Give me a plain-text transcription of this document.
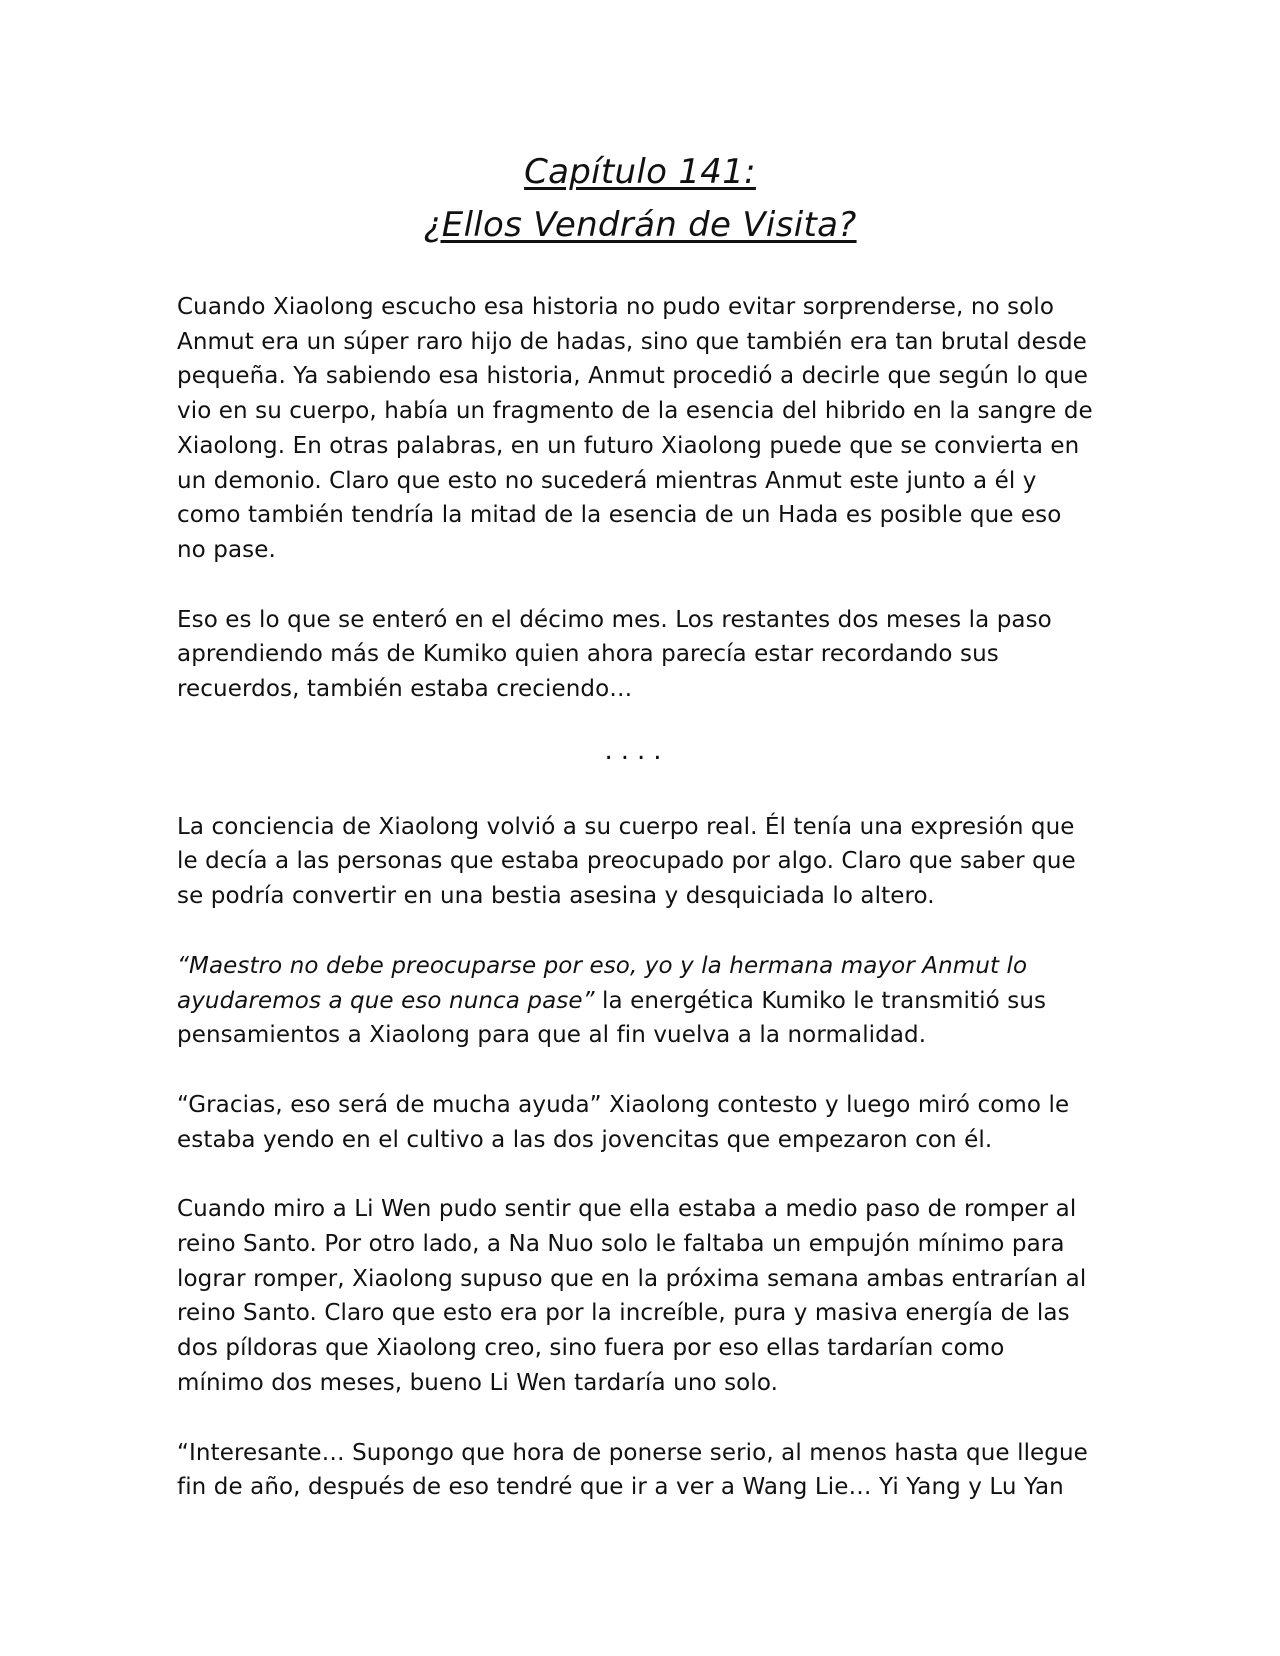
Capítulo 141:
¿Ellos Vendrán de Visita?

Cuando Xiaolong escucho esa historia no pudo evitar sorprenderse, no solo Anmut era un súper raro hijo de hadas, sino que también era tan brutal desde pequeña. Ya sabiendo esa historia, Anmut procedió a decirle que según lo que vio en su cuerpo, había un fragmento de la esencia del hibrido en la sangre de Xiaolong. En otras palabras, en un futuro Xiaolong puede que se convierta en un demonio. Claro que esto no sucederá mientras Anmut este junto a él y como también tendría la mitad de la esencia de un Hada es posible que eso no pase.

Eso es lo que se enteró en el décimo mes. Los restantes dos meses la paso aprendiendo más de Kumiko quien ahora parecía estar recordando sus recuerdos, también estaba creciendo…

....

La conciencia de Xiaolong volvió a su cuerpo real. Él tenía una expresión que le decía a las personas que estaba preocupado por algo. Claro que saber que se podría convertir en una bestia asesina y desquiciada lo altero.

“Maestro no debe preocuparse por eso, yo y la hermana mayor Anmut lo ayudaremos a que eso nunca pase” la energética Kumiko le transmitió sus pensamientos a Xiaolong para que al fin vuelva a la normalidad.

“Gracias, eso será de mucha ayuda” Xiaolong contesto y luego miró como le estaba yendo en el cultivo a las dos jovencitas que empezaron con él.

Cuando miro a Li Wen pudo sentir que ella estaba a medio paso de romper al reino Santo. Por otro lado, a Na Nuo solo le faltaba un empujón mínimo para lograr romper, Xiaolong supuso que en la próxima semana ambas entrarían al reino Santo. Claro que esto era por la increíble, pura y masiva energía de las dos píldoras que Xiaolong creo, sino fuera por eso ellas tardarían como mínimo dos meses, bueno Li Wen tardaría uno solo.

“Interesante… Supongo que hora de ponerse serio, al menos hasta que llegue fin de año, después de eso tendré que ir a ver a Wang Lie… Yi Yang y Lu Yan
